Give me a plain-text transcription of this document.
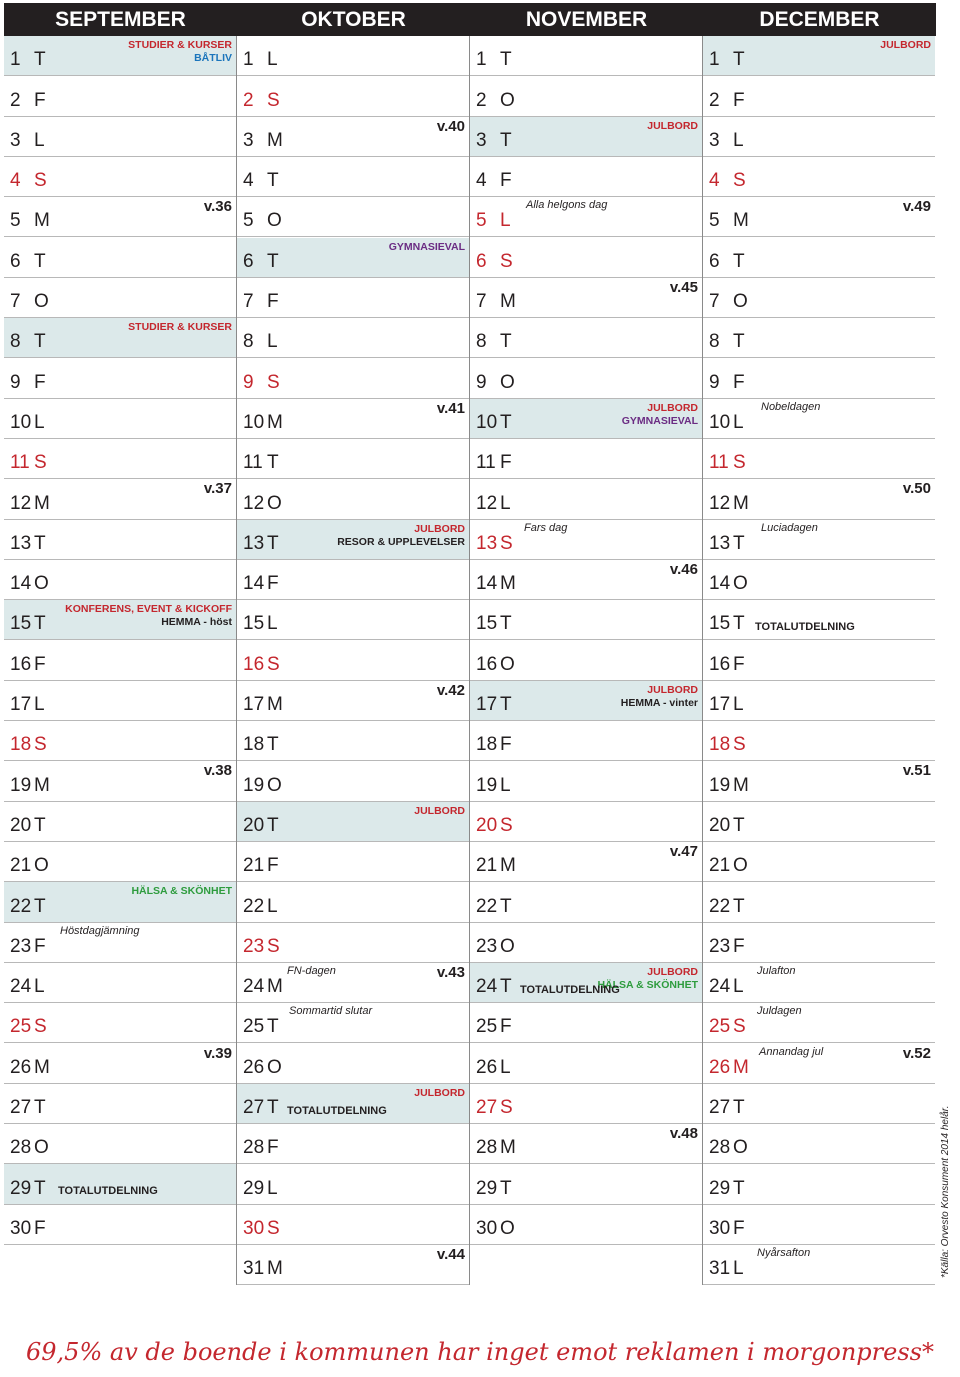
SEPTEMBER
1 T
2 F
3 L
4 S
5 M
6 T
7 O
8 T
9 F
10 L
11 S
12 M
13 T
14 O
15 T
16 F
17 L
18 S
19 M
20 T
21 O
22 T
23 F
24 L
25 S
26 M
27 T
28 O
29 T
30 F
v.36
v.37
v.38
v.39
STUDIER & KURSER
BÅTLIV
STUDIER & KURSER
KONFERENS, EVENT & KICKOFF
HEMMA - höst
HÄLSA & SKÖNHET
Höstdagjämning
TOTALUTDELNING
OKTOBER
1 L
2 S
3 M
4 T
5 O
6 T
7 F
8 L
9 S
10 M
11 T
12 O
13 T
14 F
15 L
16 S
17 M
18 T
19 O
20 T
21 F
22 L
23 S
24 M
25 T
26 O
27 T
28 F
29 L
30 S
31 M
v.40
v.41
v.42
v.43
v.44
GYMNASIEVAL
JULBORD
RESOR & UPPLEVELSER
JULBORD
JULBORD
FN-dagen
Sommartid slutar
TOTALUTDELNING
NOVEMBER
1 T
2 O
3 T
4 F
5 L
6 S
7 M
8 T
9 O
10 T
11 F
12 L
13 S
14 M
15 T
16 O
17 T
18 F
19 L
20 S
21 M
22 T
23 O
24 T
25 F
26 L
27 S
28 M
29 T
30 O
v.45
v.46
v.47
v.48
JULBORD
JULBORD
GYMNASIEVAL
JULBORD
HEMMA - vinter
JULBORD
HÄLSA & SKÖNHET
Alla helgons dag
Fars dag
TOTALUTDELNING
DECEMBER
1 T
2 F
3 L
4 S
5 M
6 T
7 O
8 T
9 F
10 L
11 S
12 M
13 T
14 O
15 T
16 F
17 L
18 S
19 M
20 T
21 O
22 T
23 F
24 L
25 S
26 M
27 T
28 O
29 T
30 F
31 L
v.49
v.50
v.51
v.52
JULBORD
Nobeldagen
Luciadagen
Julafton
Juldagen
Annandag jul
Nyårsafton
TOTALUTDELNING
*Källa: Orvesto Konsument 2014 helår.
69,5% av de boende i kommunen har inget emot reklamen i morgonpress*
